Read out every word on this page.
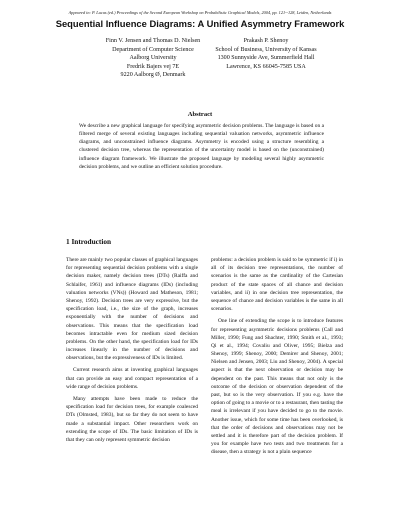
Appeared in: P. Lucas (ed.) Proceedings of the Second European Workshop on Probabilistic Graphical Models, 2004, pp. 121--128, Leiden, Netherlands
Sequential Influence Diagrams: A Unified Asymmetry Framework
Finn V. Jensen and Thomas D. Nielsen
Department of Computer Science
Aalborg University
Fredrik Bajers vej 7E
9220 Aalborg Ø, Denmark
Prakash P. Shenoy
School of Business, University of Kansas
1300 Sunnyside Ave, Summerfield Hall
Lawrence, KS 66045-7585 USA
Abstract

We describe a new graphical language for specifying asymmetric decision problems. The language is based on a filtered merge of several existing languages including sequential valuation networks, asymmetric influence diagrams, and unconstrained influence diagrams. Asymmetry is encoded using a structure resembling a clustered decision tree, whereas the representation of the uncertainty model is based on the (unconstrained) influence diagram framework. We illustrate the proposed language by modeling several highly asymmetric decision problems, and we outline an efficient solution procedure.

1 Introduction

There are mainly two popular classes of graphical languages for representing sequential decision problems with a single decision maker, namely decision trees (DTs) (Raiffa and Schlaifer, 1961) and influence diagrams (IDs) (including valuation networks (VNs)) (Howard and Matheson, 1981; Shenoy, 1992). Decision trees are very expressive, but the specification load, i.e., the size of the graph, increases exponentially with the number of decisions and observations. This means that the specification load becomes intractable even for medium sized decision problems. On the other hand, the specification load for IDs increases linearly in the number of decisions and observations, but the expressiveness of IDs is limited.

Current research aims at inventing graphical languages that can provide an easy and compact representation of a wide range of decision problems.

Many attempts have been made to reduce the specification load for decision trees, for example coalesced DTs (Olmsted, 1983), but so far they do not seem to have made a substantial impact. Other researchers work on extending the scope of IDs. The basic limitation of IDs is that they can only represent symmetric decision

problems: a decision problem is said to be symmetric if i) in all of its decision tree representations, the number of scenarios is the same as the cardinality of the Cartesian product of the state spaces of all chance and decision variables, and ii) in one decision tree representation, the sequence of chance and decision variables is the same in all scenarios.

One line of extending the scope is to introduce features for representing asymmetric decisions problems (Call and Miller, 1990; Fung and Shachter, 1990; Smith et al., 1993; Qi et al., 1994; Covaliu and Oliver, 1995; Bielza and Shenoy, 1999; Shenoy, 2000; Demirer and Shenoy, 2001; Nielsen and Jensen, 2003; Liu and Shenoy, 2004). A special aspect is that the next observation or decision may be dependent on the past. This means that not only is the outcome of the decision or observation dependent of the past, but so is the very observation. If you e.g. have the option of going to a movie or to a restaurant, then tasting the meal is irrelevant if you have decided to go to the movie. Another issue, which for some time has been overlooked, is that the order of decisions and observations may not be settled and it is therefore part of the decision problem. If you for example have two tests and two treatments for a disease, then a strategy is not a plain sequence
